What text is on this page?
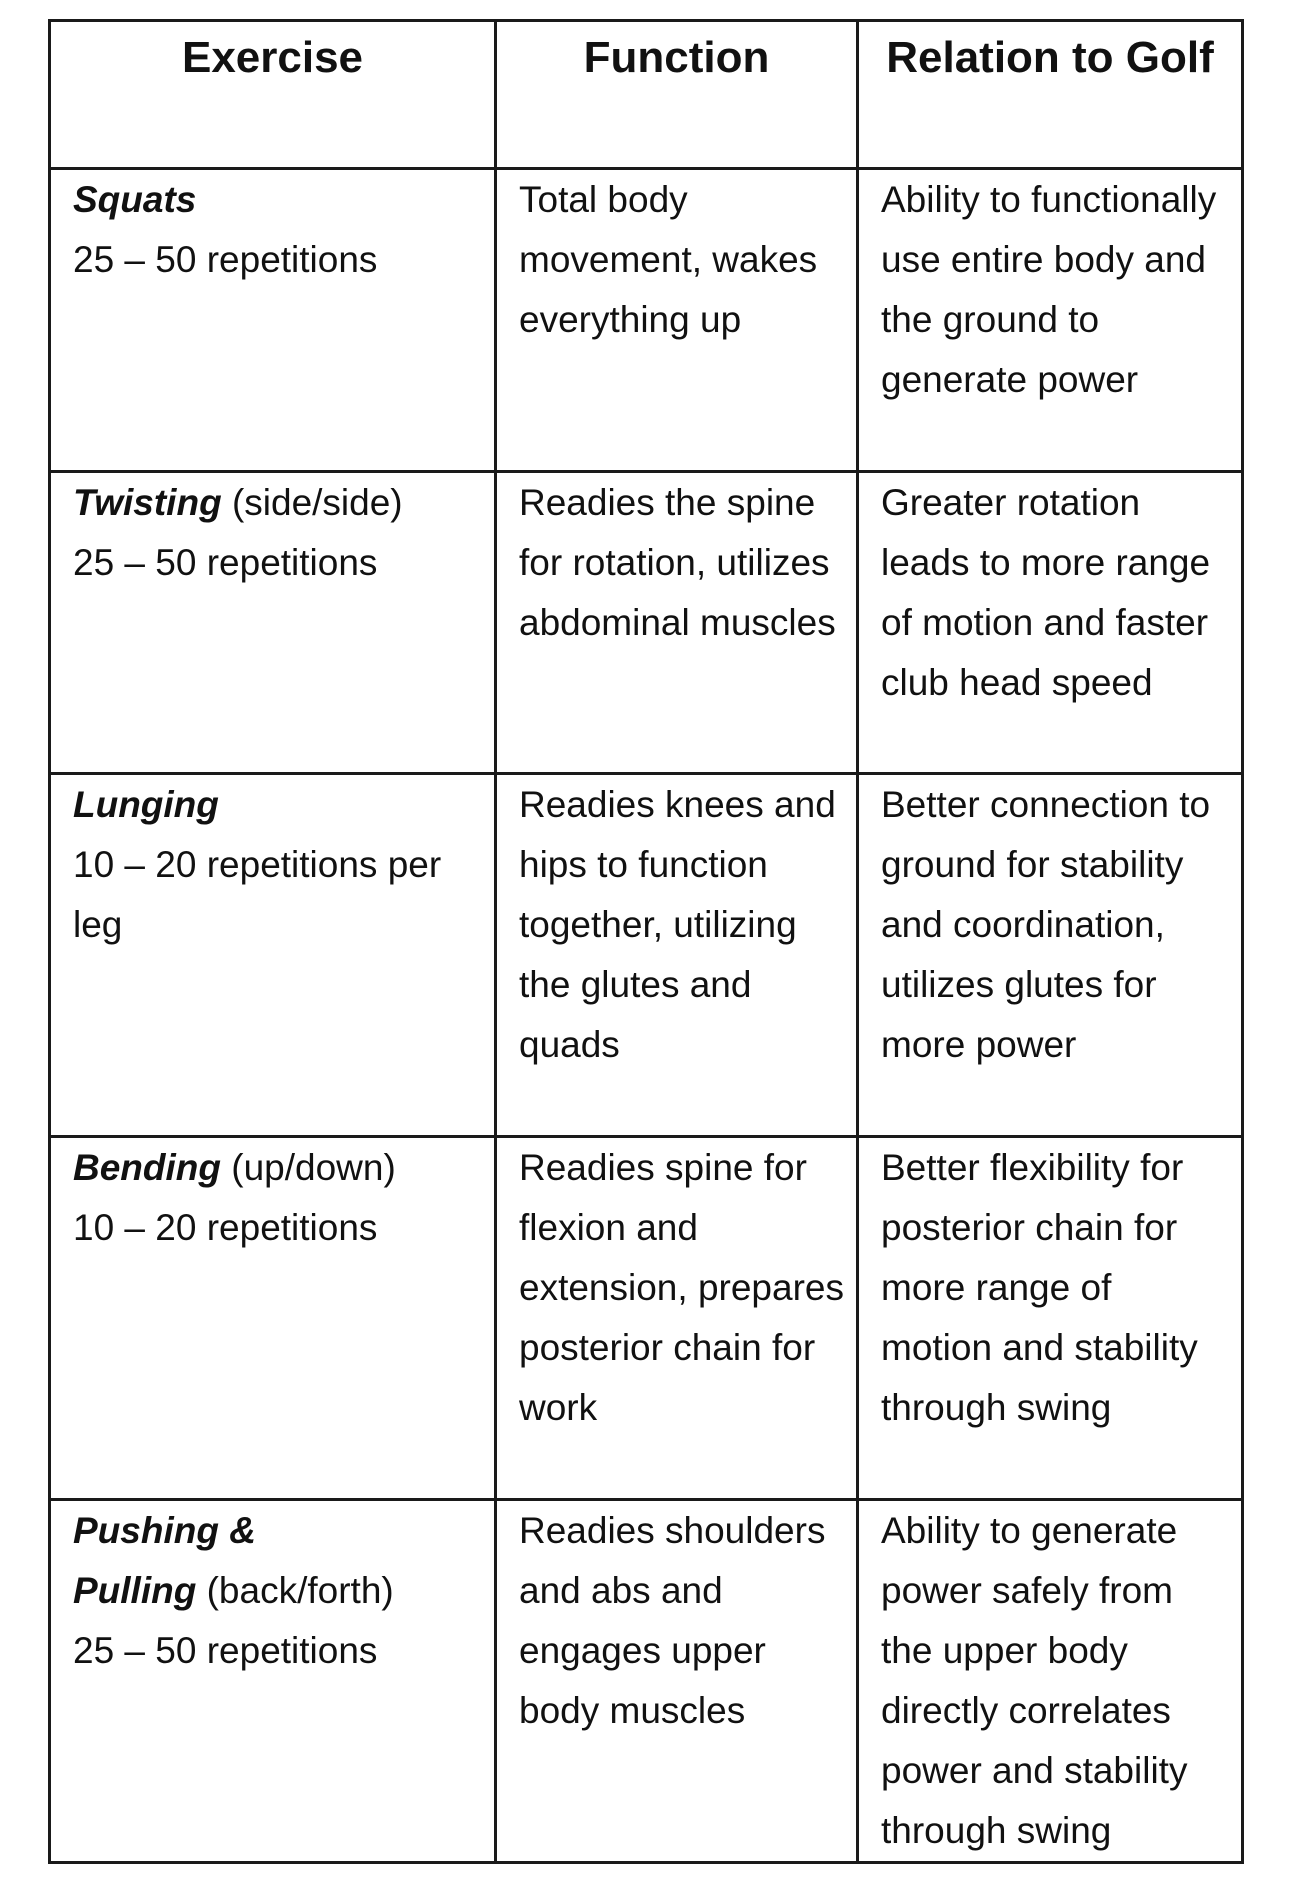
Exercise	Function	Relation to Golf

Squats
25 – 50 repetitions	Total body movement, wakes everything up	Ability to functionally use entire body and the ground to generate power

Twisting (side/side)
25 – 50 repetitions	Readies the spine for rotation, utilizes abdominal muscles	Greater rotation leads to more range of motion and faster club head speed

Lunging
10 – 20 repetitions per leg	Readies knees and hips to function together, utilizing the glutes and quads	Better connection to ground for stability and coordination, utilizes glutes for more power

Bending (up/down)
10 – 20 repetitions	Readies spine for flexion and extension, prepares posterior chain for work	Better flexibility for posterior chain for more range of motion and stability through swing

Pushing &
Pulling (back/forth)
25 – 50 repetitions	Readies shoulders and abs and engages upper body muscles	Ability to generate power safely from the upper body directly correlates power and stability through swing
